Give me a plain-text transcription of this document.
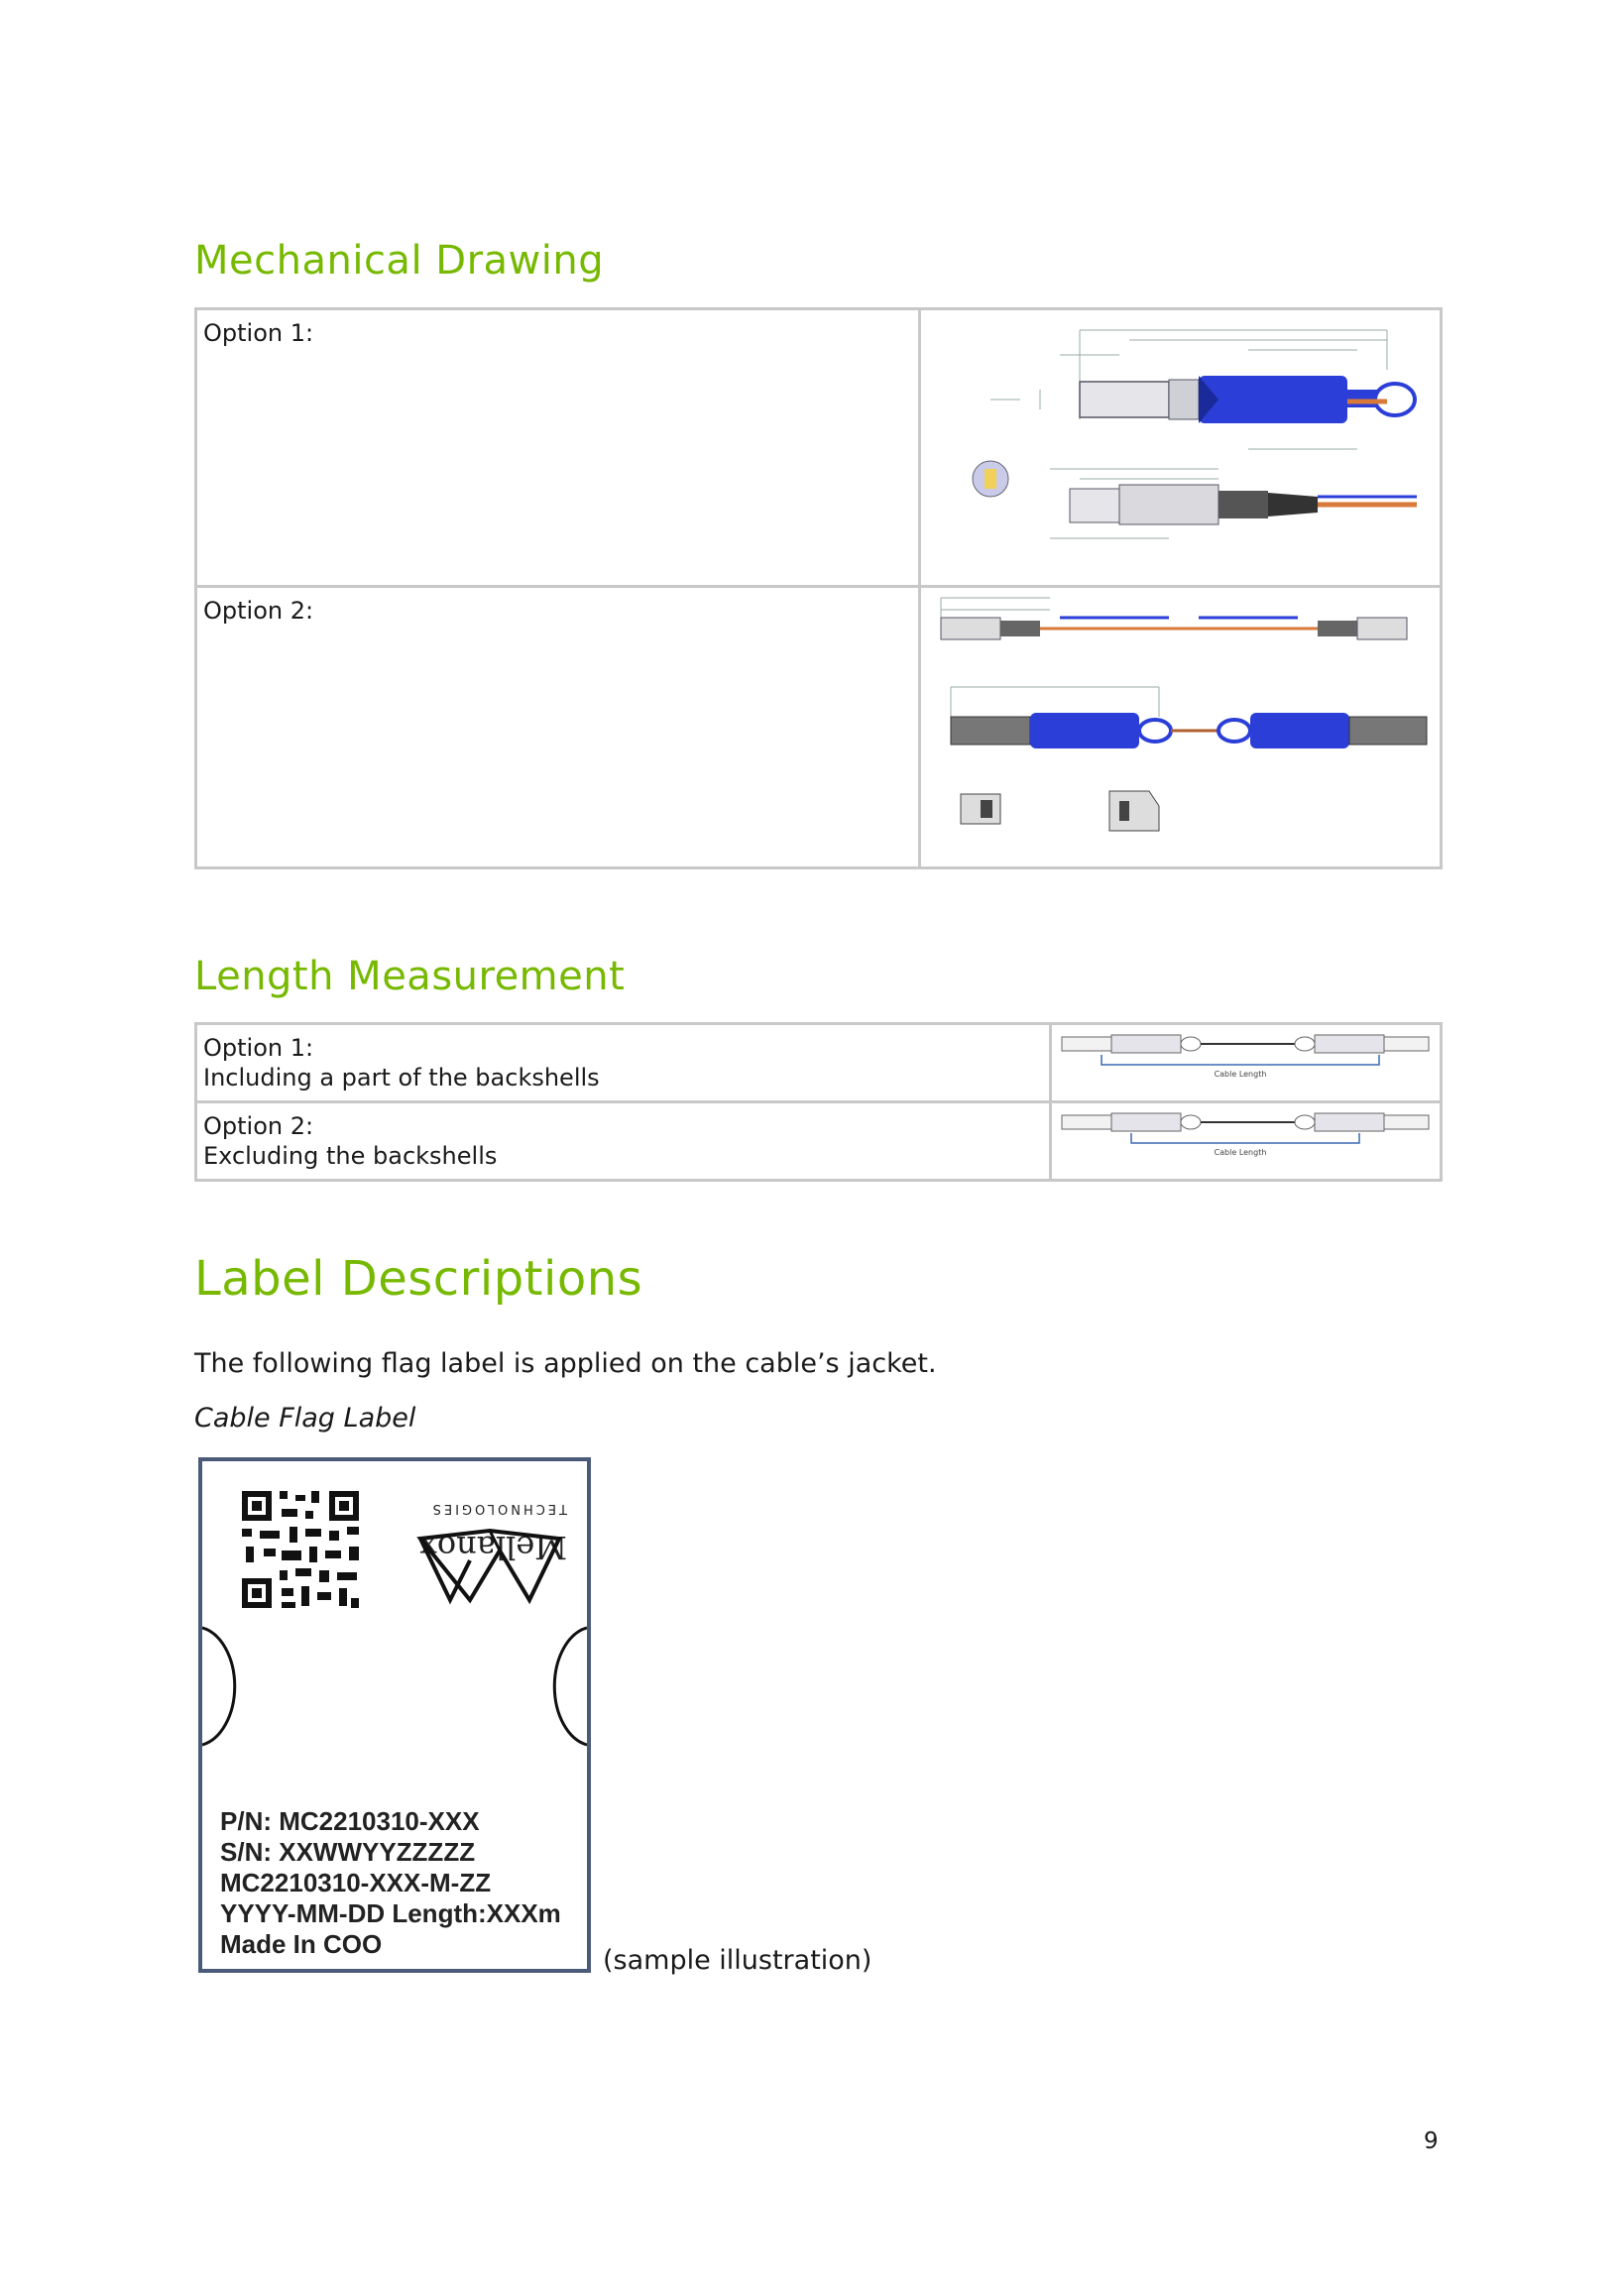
Mechanical Drawing
Option 1:

Option 2:

Length Measurement
Option 1:
Including a part of the backshells	Cable Length

Option 2:
Excluding the backshells	Cable Length
Label Descriptions

The following flag label is applied on the cable’s jacket.

Cable Flag Label

TECHNOLOGIES
Mellanox

P/N: MC2210310-XXX
S/N: XXWWYYZZZZZ
MC2210310-XXX-M-ZZ
YYYY-MM-DD Length:XXXm
Made In COO

(sample illustration)
9
